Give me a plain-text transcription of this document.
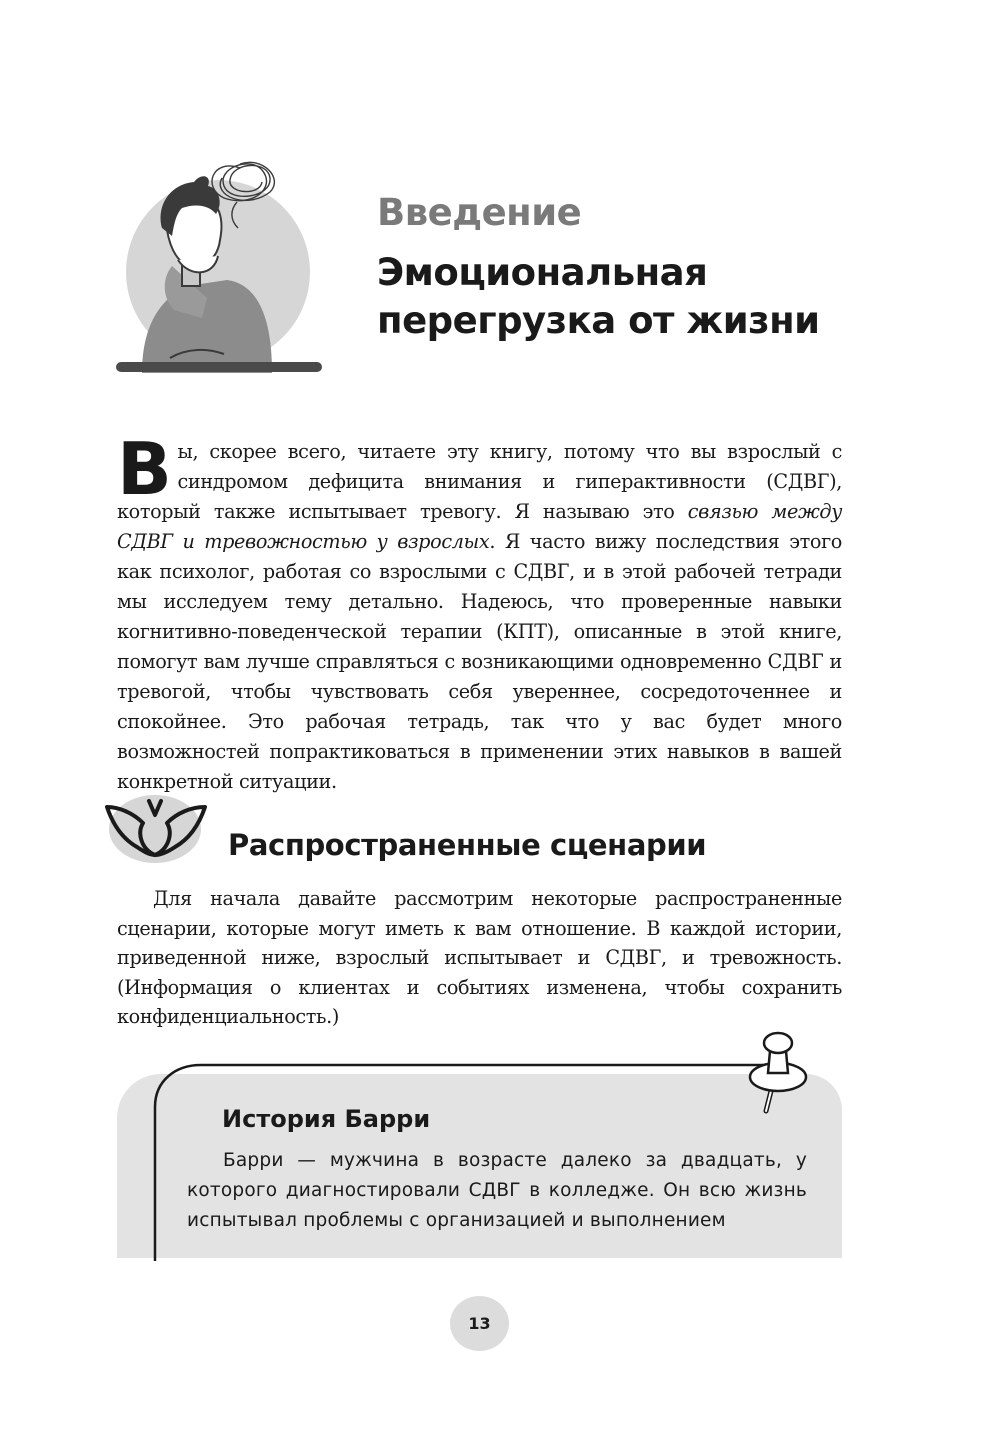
Введение

Эмоциональная перегрузка от жизни
Вы, скорее всего, читаете эту книгу, потому что вы взрослый с синдромом дефицита внимания и гиперактивности (СДВГ), который также испытывает тревогу. Я называю это связью между СДВГ и тревожностью у взрослых. Я часто вижу последствия этого как психолог, работая со взрослыми с СДВГ, и в этой рабочей тетради мы исследуем тему детально. Надеюсь, что проверенные навыки когнитивно-поведенческой терапии (КПТ), описанные в этой книге, помогут вам лучше справляться с возникающими одновременно СДВГ и тревогой, чтобы чувствовать себя увереннее, сосредоточеннее и спокойнее. Это рабочая тетрадь, так что у вас будет много возможностей попрактиковаться в применении этих навыков в вашей конкретной ситуации.
Распространенные сценарии
Для начала давайте рассмотрим некоторые распространенные сценарии, которые могут иметь к вам отношение. В каждой истории, приведенной ниже, взрослый испытывает и СДВГ, и тревожность. (Информация о клиентах и событиях изменена, чтобы сохранить конфиденциальность.)
История Барри
Барри — мужчина в возрасте далеко за двадцать, у которого диагностировали СДВГ в колледже. Он всю жизнь испытывал проблемы с организацией и выполнением
13
